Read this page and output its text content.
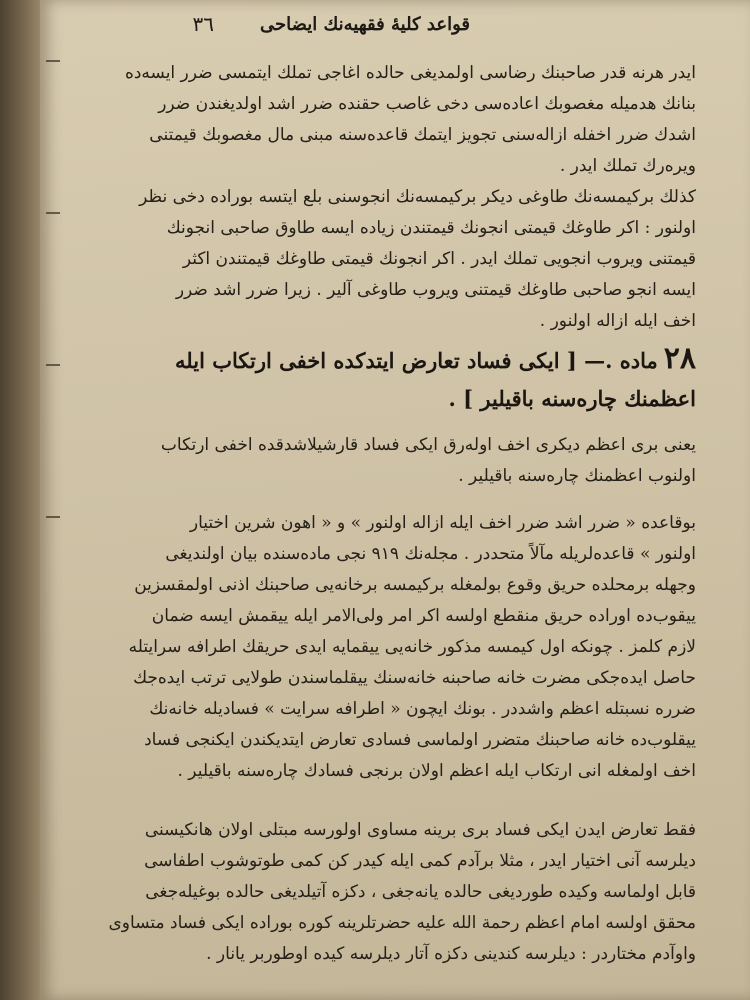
قواعد كليهٔ فقهيه‌نك ايضاحى
٣٦
ايدر هرنه قدر صاحبنك رضاسى اولمديغى حالده اغاجى تملك ايتمسى ضرر ايسه‌ده
بنانك هدميله مغصوبك اعاده‌سى دخى غاصب حقنده ضرر اشد اولديغندن ضرر
اشدك ضرر اخفله ازاله‌سنى تجويز ايتمك قاعده‌سنه مبنى مال مغصوبك قيمتنى
ويره‌رك تملك ايدر .
كذلك بركيمسه‌نك طاوغى ديكر بركيمسه‌نك انجوسنى بلع ايتسه بوراده دخى نظر
اولنور : اكر طاوغك قيمتى انجونك قيمتندن زياده ايسه طاوق صاحبى انجونك
قيمتنى ويروب انجويى تملك ايدر . اكر انجونك قيمتى طاوغك قيمتندن اكثر
ايسه انجو صاحبى طاوغك قيمتنى ويروب طاوغى آلير . زيرا ضرر اشد ضرر
اخف ايله ازاله اولنور .
٢٨ماده .— [ ايكى فساد تعارض ايتدكده اخفى ارتكاب ايله
اعظمنك چاره‌سنه باقيلير ] .
يعنى برى اعظم ديكرى اخف اوله‌رق ايكى فساد قارشيلاشدقده اخفى ارتكاب
اولنوب اعظمنك چاره‌سنه باقيلير .
بوقاعده « ضرر اشد ضرر اخف ايله ازاله اولنور » و « اهون شرين اختيار
اولنور » قاعده‌لريله مآلاً متحددر . مجله‌نك ٩١٩ نجى ماده‌سنده بيان اولنديغى
وجهله برمحلده حريق وقوع بولمغله بركيمسه برخانه‌يى صاحبنك اذنى اولمقسزين
ييقوب‌ده اوراده حريق منقطع اولسه اكر امر ولى‌الامر ايله ييقمش ايسه ضمان
لازم كلمز . چونكه اول كيمسه مذكور خانه‌يى ييقمايه ايدى حريقك اطرافه سرايتله
حاصل ايده‌جكى مضرت خانه صاحبنه خانه‌سنك ييقلماسندن طولايى ترتب ايده‌جك
ضرره نسبتله اعظم واشددر . بونك ايچون « اطرافه سرايت » فسادیله خانه‌نك
ييقلوب‌ده خانه صاحبنك متضرر اولماسى فسادى تعارض ايتديكندن ايكنجى فساد
اخف اولمغله انى ارتكاب ايله اعظم اولان برنجى فسادك چاره‌سنه باقيلير .
فقط تعارض ايدن ايكى فساد برى برينه مساوى اولورسه مبتلى اولان هانكيسنى
ديلرسه آنى اختيار ايدر ، مثلا برآدم كمى ايله كيدر كن كمى طوتوشوب اطفاسى
قابل اولماسه وكيده طورديغى حالده يانه‌جغى ، دكزه آتيلديغى حالده بوغيله‌جغى
محقق اولسه امام اعظم رحمة الله عليه حضرتلرينه كوره بوراده ايكى فساد متساوى
واوآدم مختاردر : ديلرسه كندينى دكزه آتار ديلرسه كيده اوطوربر يانار .
